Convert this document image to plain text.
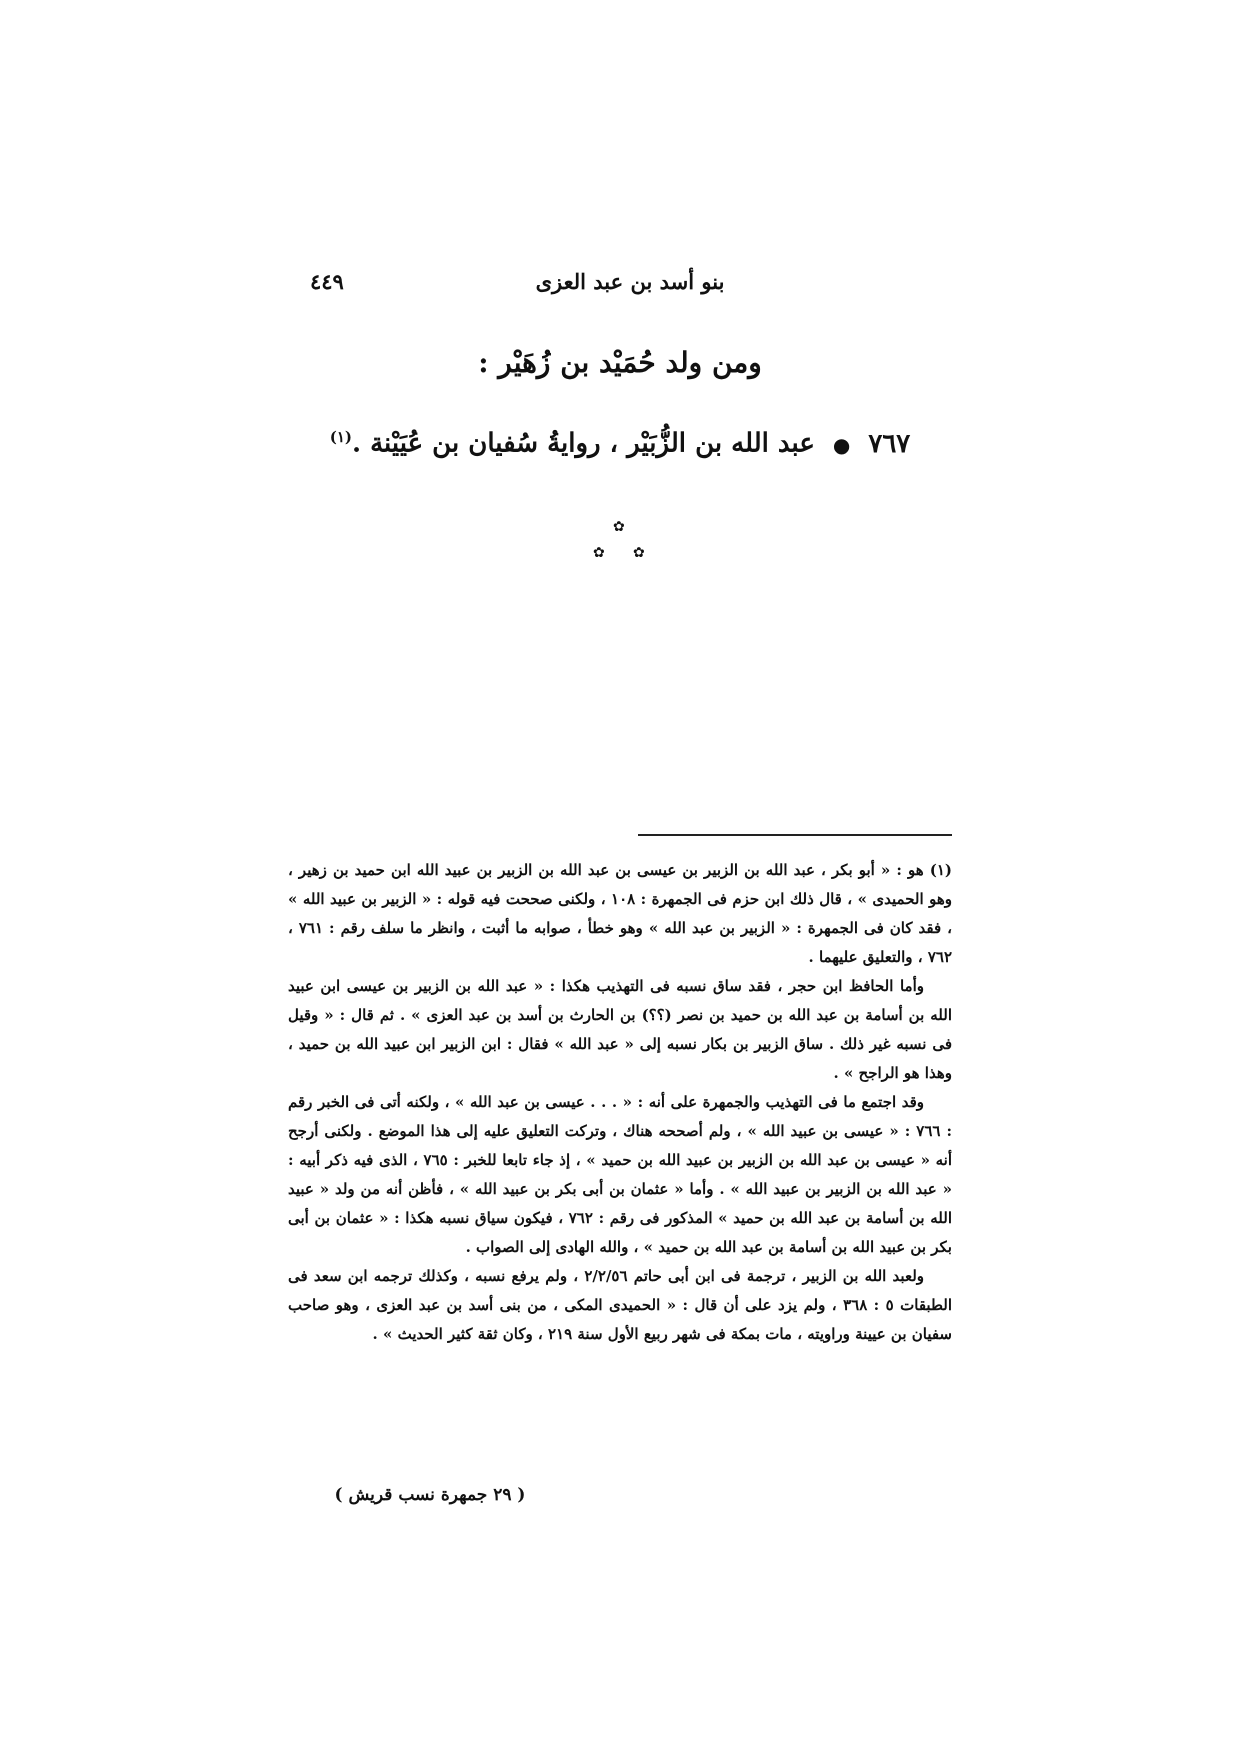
بنو أسد بن عبد العزى
٤٤٩
ومن ولد حُمَيْد بن زُهَيْر :
٧٦٧●عبد الله بن الزُّبَيْر ، روايةُ سُفيان بن عُيَيْنة .$^{(١)}$
✿
✿ ✿

(١) هو : « أبو بكر ، عبد الله بن الزبير بن عيسى بن عبد الله بن الزبير بن عبيد الله ابن حميد بن زهير ، وهو الحميدى » ، قال ذلك ابن حزم فى الجمهرة : ١٠٨ ، ولكنى صححت فيه قوله : « الزبير بن عبيد الله » ، فقد كان فى الجمهرة : « الزبير بن عبد الله » وهو خطأ ، صوابه ما أثبت ، وانظر ما سلف رقم : ٧٦١ ، ٧٦٢ ، والتعليق عليهما .

وأما الحافظ ابن حجر ، فقد ساق نسبه فى التهذيب هكذا : « عبد الله بن الزبير بن عيسى ابن عبيد الله بن أسامة بن عبد الله بن حميد بن نصر (؟؟) بن الحارث بن أسد بن عبد العزى » . ثم قال : « وقيل فى نسبه غير ذلك . ساق الزبير بن بكار نسبه إلى « عبد الله » فقال : ابن الزبير ابن عبيد الله بن حميد ، وهذا هو الراجح » .

وقد اجتمع ما فى التهذيب والجمهرة على أنه : « . . . عيسى بن عبد الله » ، ولكنه أتى فى الخبر رقم : ٧٦٦ : « عيسى بن عبيد الله » ، ولم أصححه هناك ، وتركت التعليق عليه إلى هذا الموضع . ولكنى أرجح أنه « عيسى بن عبد الله بن الزبير بن عبيد الله بن حميد » ، إذ جاء تابعا للخبر : ٧٦٥ ، الذى فيه ذكر أبيه : « عبد الله بن الزبير بن عبيد الله » . وأما « عثمان بن أبى بكر بن عبيد الله » ، فأظن أنه من ولد « عبيد الله بن أسامة بن عبد الله بن حميد » المذكور فى رقم : ٧٦٢ ، فيكون سياق نسبه هكذا : « عثمان بن أبى بكر بن عبيد الله بن أسامة بن عبد الله بن حميد » ، والله الهادى إلى الصواب .

ولعبد الله بن الزبير ، ترجمة فى ابن أبى حاتم ٢/٢/٥٦ ، ولم يرفع نسبه ، وكذلك ترجمه ابن سعد فى الطبقات ٥ : ٣٦٨ ، ولم يزد على أن قال : « الحميدى المكى ، من بنى أسد بن عبد العزى ، وهو صاحب سفيان بن عيينة وراويته ، مات بمكة فى شهر ربيع الأول سنة ٢١٩ ، وكان ثقة كثير الحديث » .

( ٢٩ جمهرة نسب قريش )
